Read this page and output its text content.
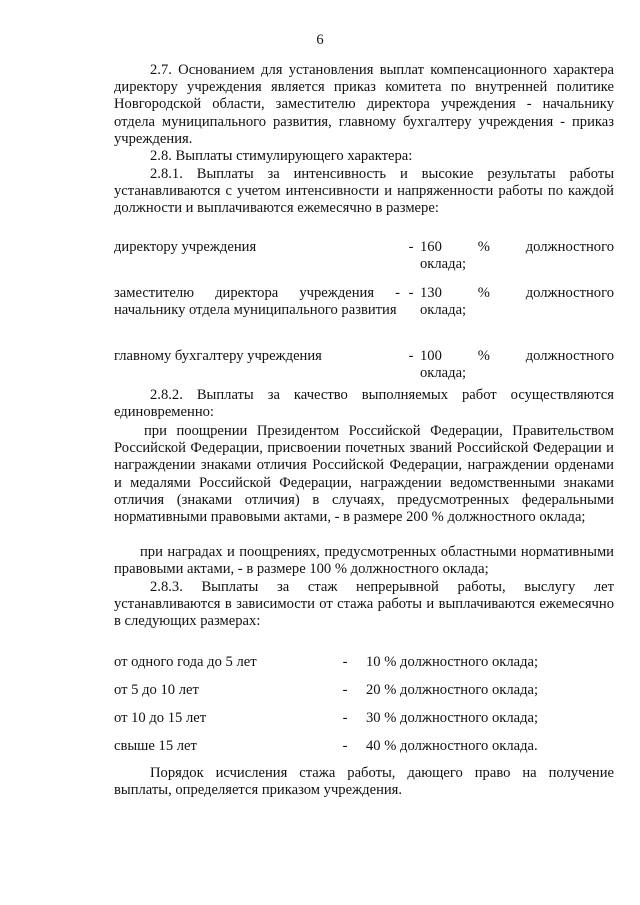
6
2.7. Основанием для установления выплат компенсационного характера директору учреждения является приказ комитета по внутренней политике Новгородской области, заместителю директора учреждения - начальнику отдела муниципального развития, главному бухгалтеру учреждения - приказ учреждения.
2.8. Выплаты стимулирующего характера:
2.8.1. Выплаты за интенсивность и высокие результаты работы устанавливаются с учетом интенсивности и напряженности работы по каждой должности и выплачиваются ежемесячно в размере:
директору учреждения	- 160 % должностного
оклада;
заместителю директора учреждения - начальнику отдела муниципального развития
- 130 % должностного
оклада;
главному бухгалтеру учреждения	- 100 % должностного
оклада;
2.8.2. Выплаты за качество выполняемых работ осуществляются единовременно:
при поощрении Президентом Российской Федерации, Правительством Российской Федерации, присвоении почетных званий Российской Федерации и награждении знаками отличия Российской Федерации, награждении орденами и медалями Российской Федерации, награждении ведомственными знаками отличия (знаками отличия) в случаях, предусмотренных федеральными нормативными правовыми актами, - в размере 200 % должностного оклада;
при наградах и поощрениях, предусмотренных областными нормативными правовыми актами, - в размере 100 % должностного оклада;
2.8.3. Выплаты за стаж непрерывной работы, выслугу лет устанавливаются в зависимости от стажа работы и выплачиваются ежемесячно в следующих размерах:
от одного года до 5 лет	-	10 % должностного оклада;
от 5 до 10 лет	-	20 % должностного оклада;
от 10 до 15 лет	-	30 % должностного оклада;
свыше 15 лет	-	40 % должностного оклада.
Порядок исчисления стажа работы, дающего право на получение выплаты, определяется приказом учреждения.
